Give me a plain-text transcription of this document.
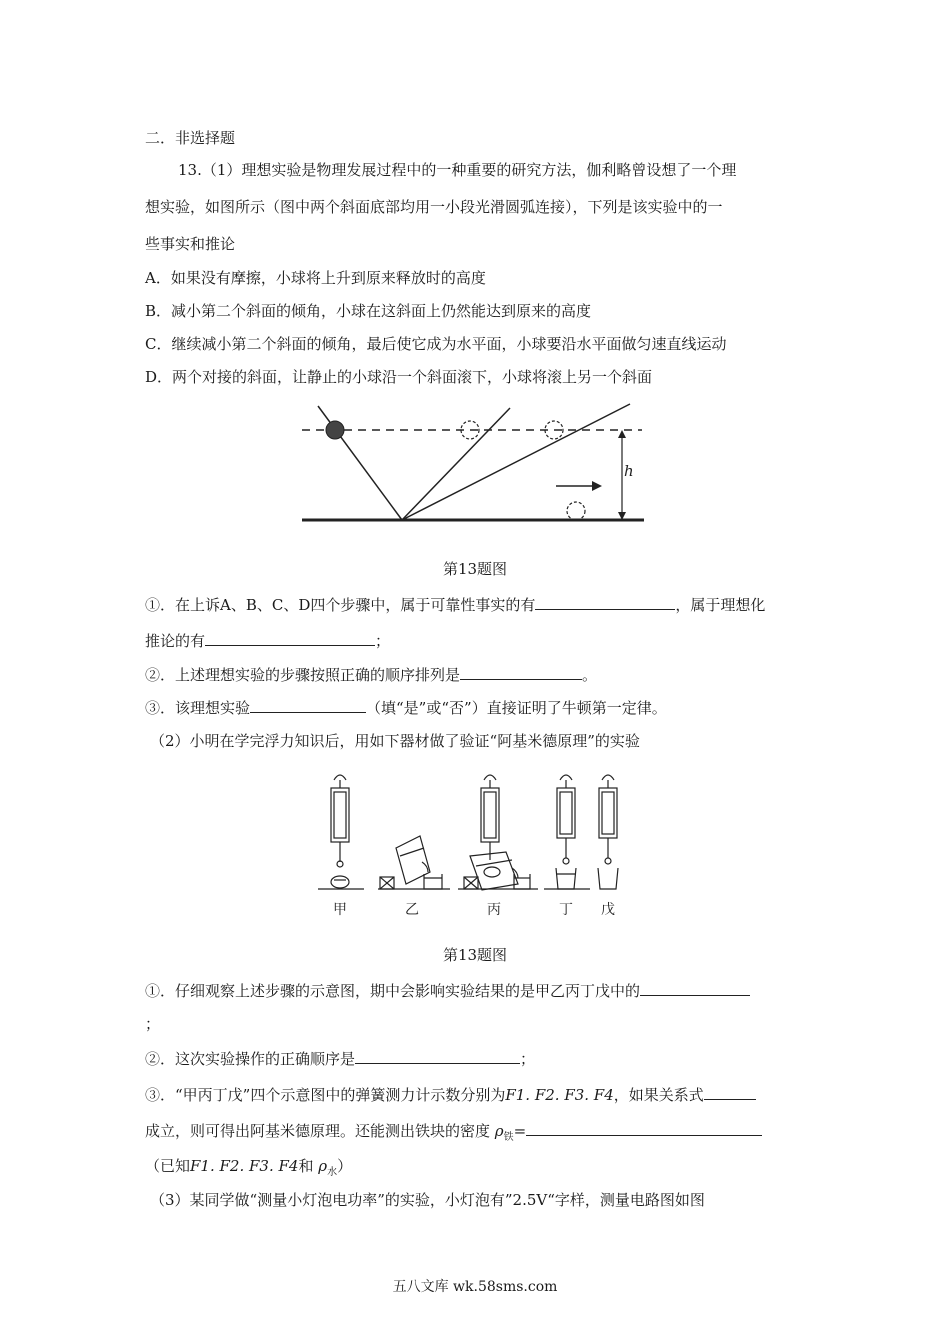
二．非选择题
13.（1）理想实验是物理发展过程中的一种重要的研究方法，伽利略曾设想了一个理
想实验，如图所示（图中两个斜面底部均用一小段光滑圆弧连接），下列是该实验中的一
些事实和推论
A．如果没有摩擦，小球将上升到原来释放时的高度
B．减小第二个斜面的倾角，小球在这斜面上仍然能达到原来的高度
C．继续减小第二个斜面的倾角，最后使它成为水平面，小球要沿水平面做匀速直线运动
D．两个对接的斜面，让静止的小球沿一个斜面滚下，小球将滚上另一个斜面
h
第13题图
①．在上诉A、B、C、D四个步骤中，属于可靠性事实的有	，属于理想化
推论的有	；
②．上述理想实验的步骤按照正确的顺序排列是	。
③．该理想实验	（填“是”或“否”）直接证明了牛顿第一定律。
（2）小明在学完浮力知识后，用如下器材做了验证“阿基米德原理”的实验
甲	乙	丙	丁 戊
第13题图
①．仔细观察上述步骤的示意图，期中会影响实验结果的是甲乙丙丁戊中的
；
②．这次实验操作的正确顺序是	；
③．“甲丙丁戊”四个示意图中的弹簧测力计示数分别为F1. F2. F3. F4，如果关系式
成立，则可得出阿基米德原理。还能测出铁块的密度 $\rho_铁=$
（已知F1. F2. F3. F4和 $\rho_水$）
（3）某同学做“测量小灯泡电功率”的实验，小灯泡有”2.5V“字样，测量电路图如图
五八文库 wk.58sms.com
